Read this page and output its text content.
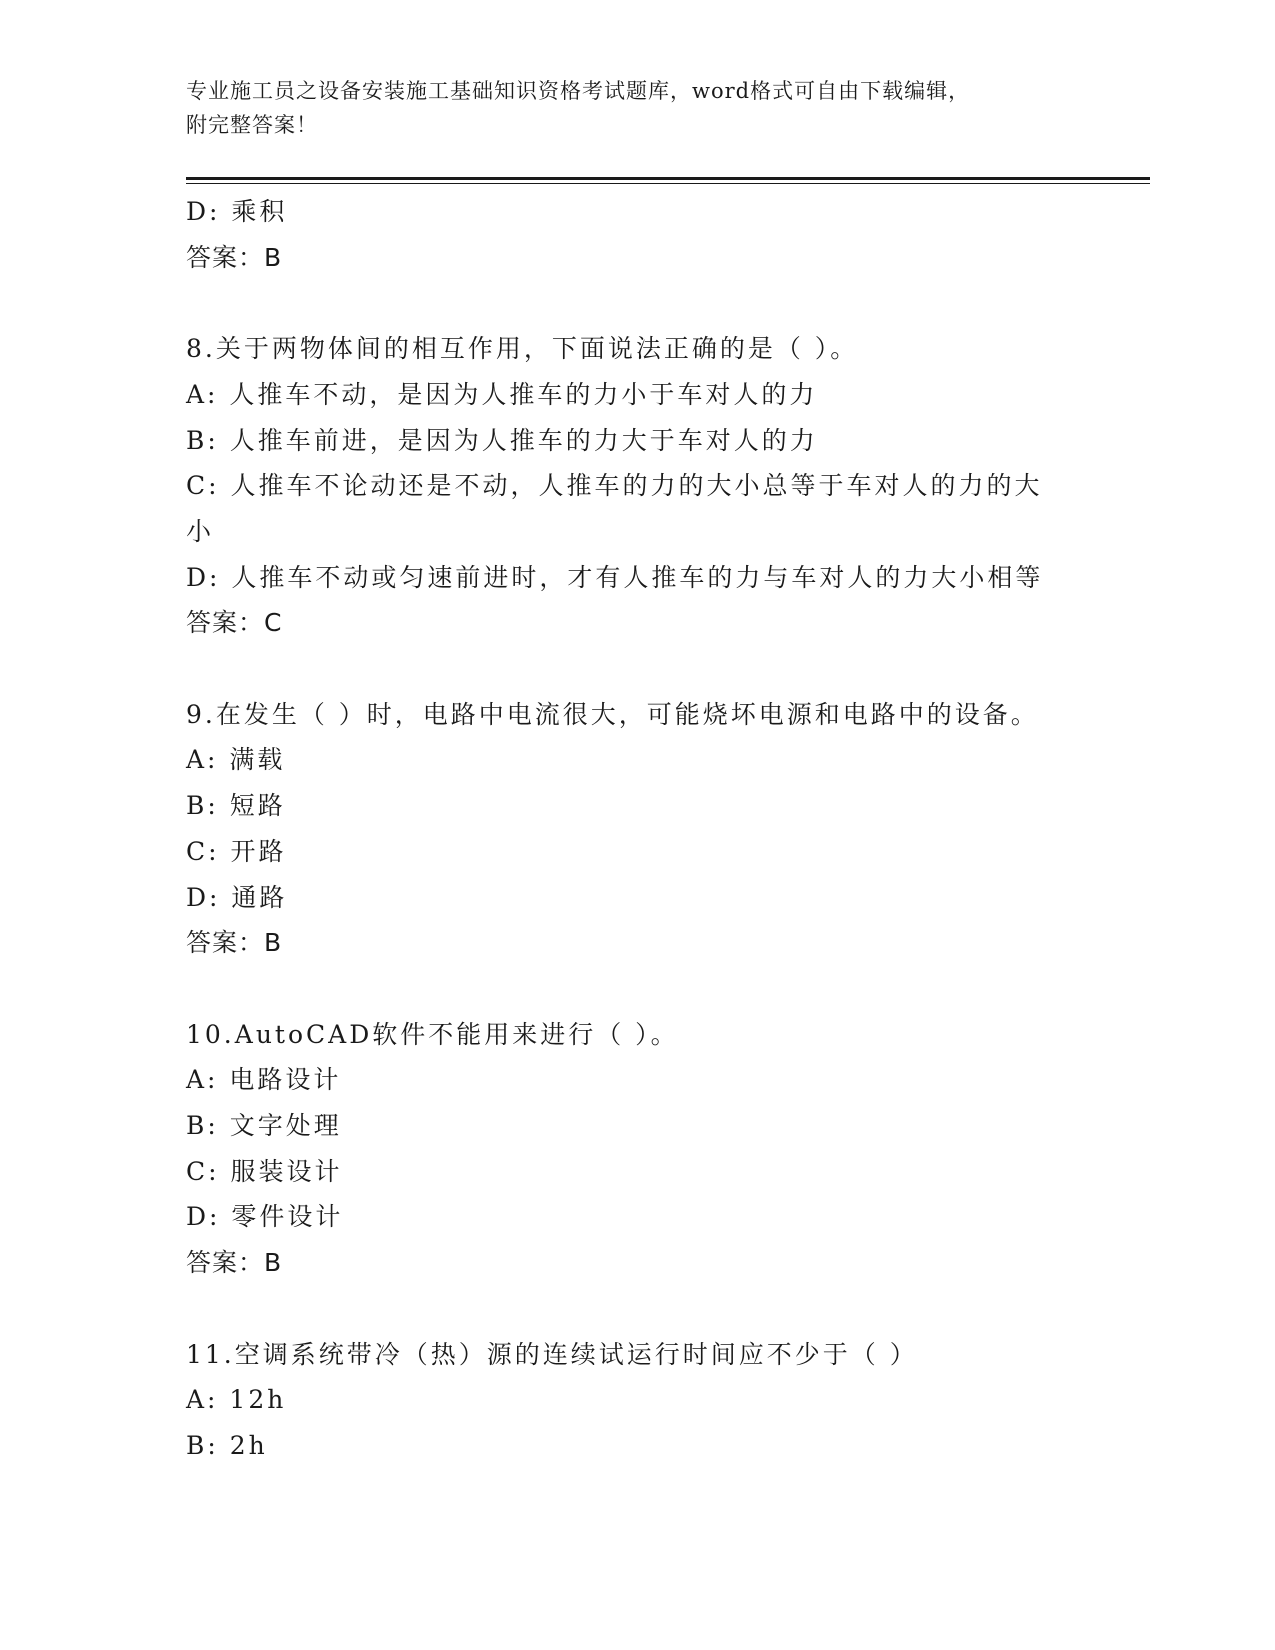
专业施工员之设备安装施工基础知识资格考试题库，word格式可自由下载编辑，
附完整答案！
D: 乘积
答案：B
8.关于两物体间的相互作用，下面说法正确的是（ ）。
A: 人推车不动，是因为人推车的力小于车对人的力
B: 人推车前进，是因为人推车的力大于车对人的力
C: 人推车不论动还是不动，人推车的力的大小总等于车对人的力的大
小
D: 人推车不动或匀速前进时，才有人推车的力与车对人的力大小相等
答案：C
9.在发生（ ）时，电路中电流很大，可能烧坏电源和电路中的设备。
A: 满载
B: 短路
C: 开路
D: 通路
答案：B
10.AutoCAD软件不能用来进行（ ）。
A: 电路设计
B: 文字处理
C: 服装设计
D: 零件设计
答案：B
11.空调系统带冷（热）源的连续试运行时间应不少于（ ）
A: 12h
B: 2h
